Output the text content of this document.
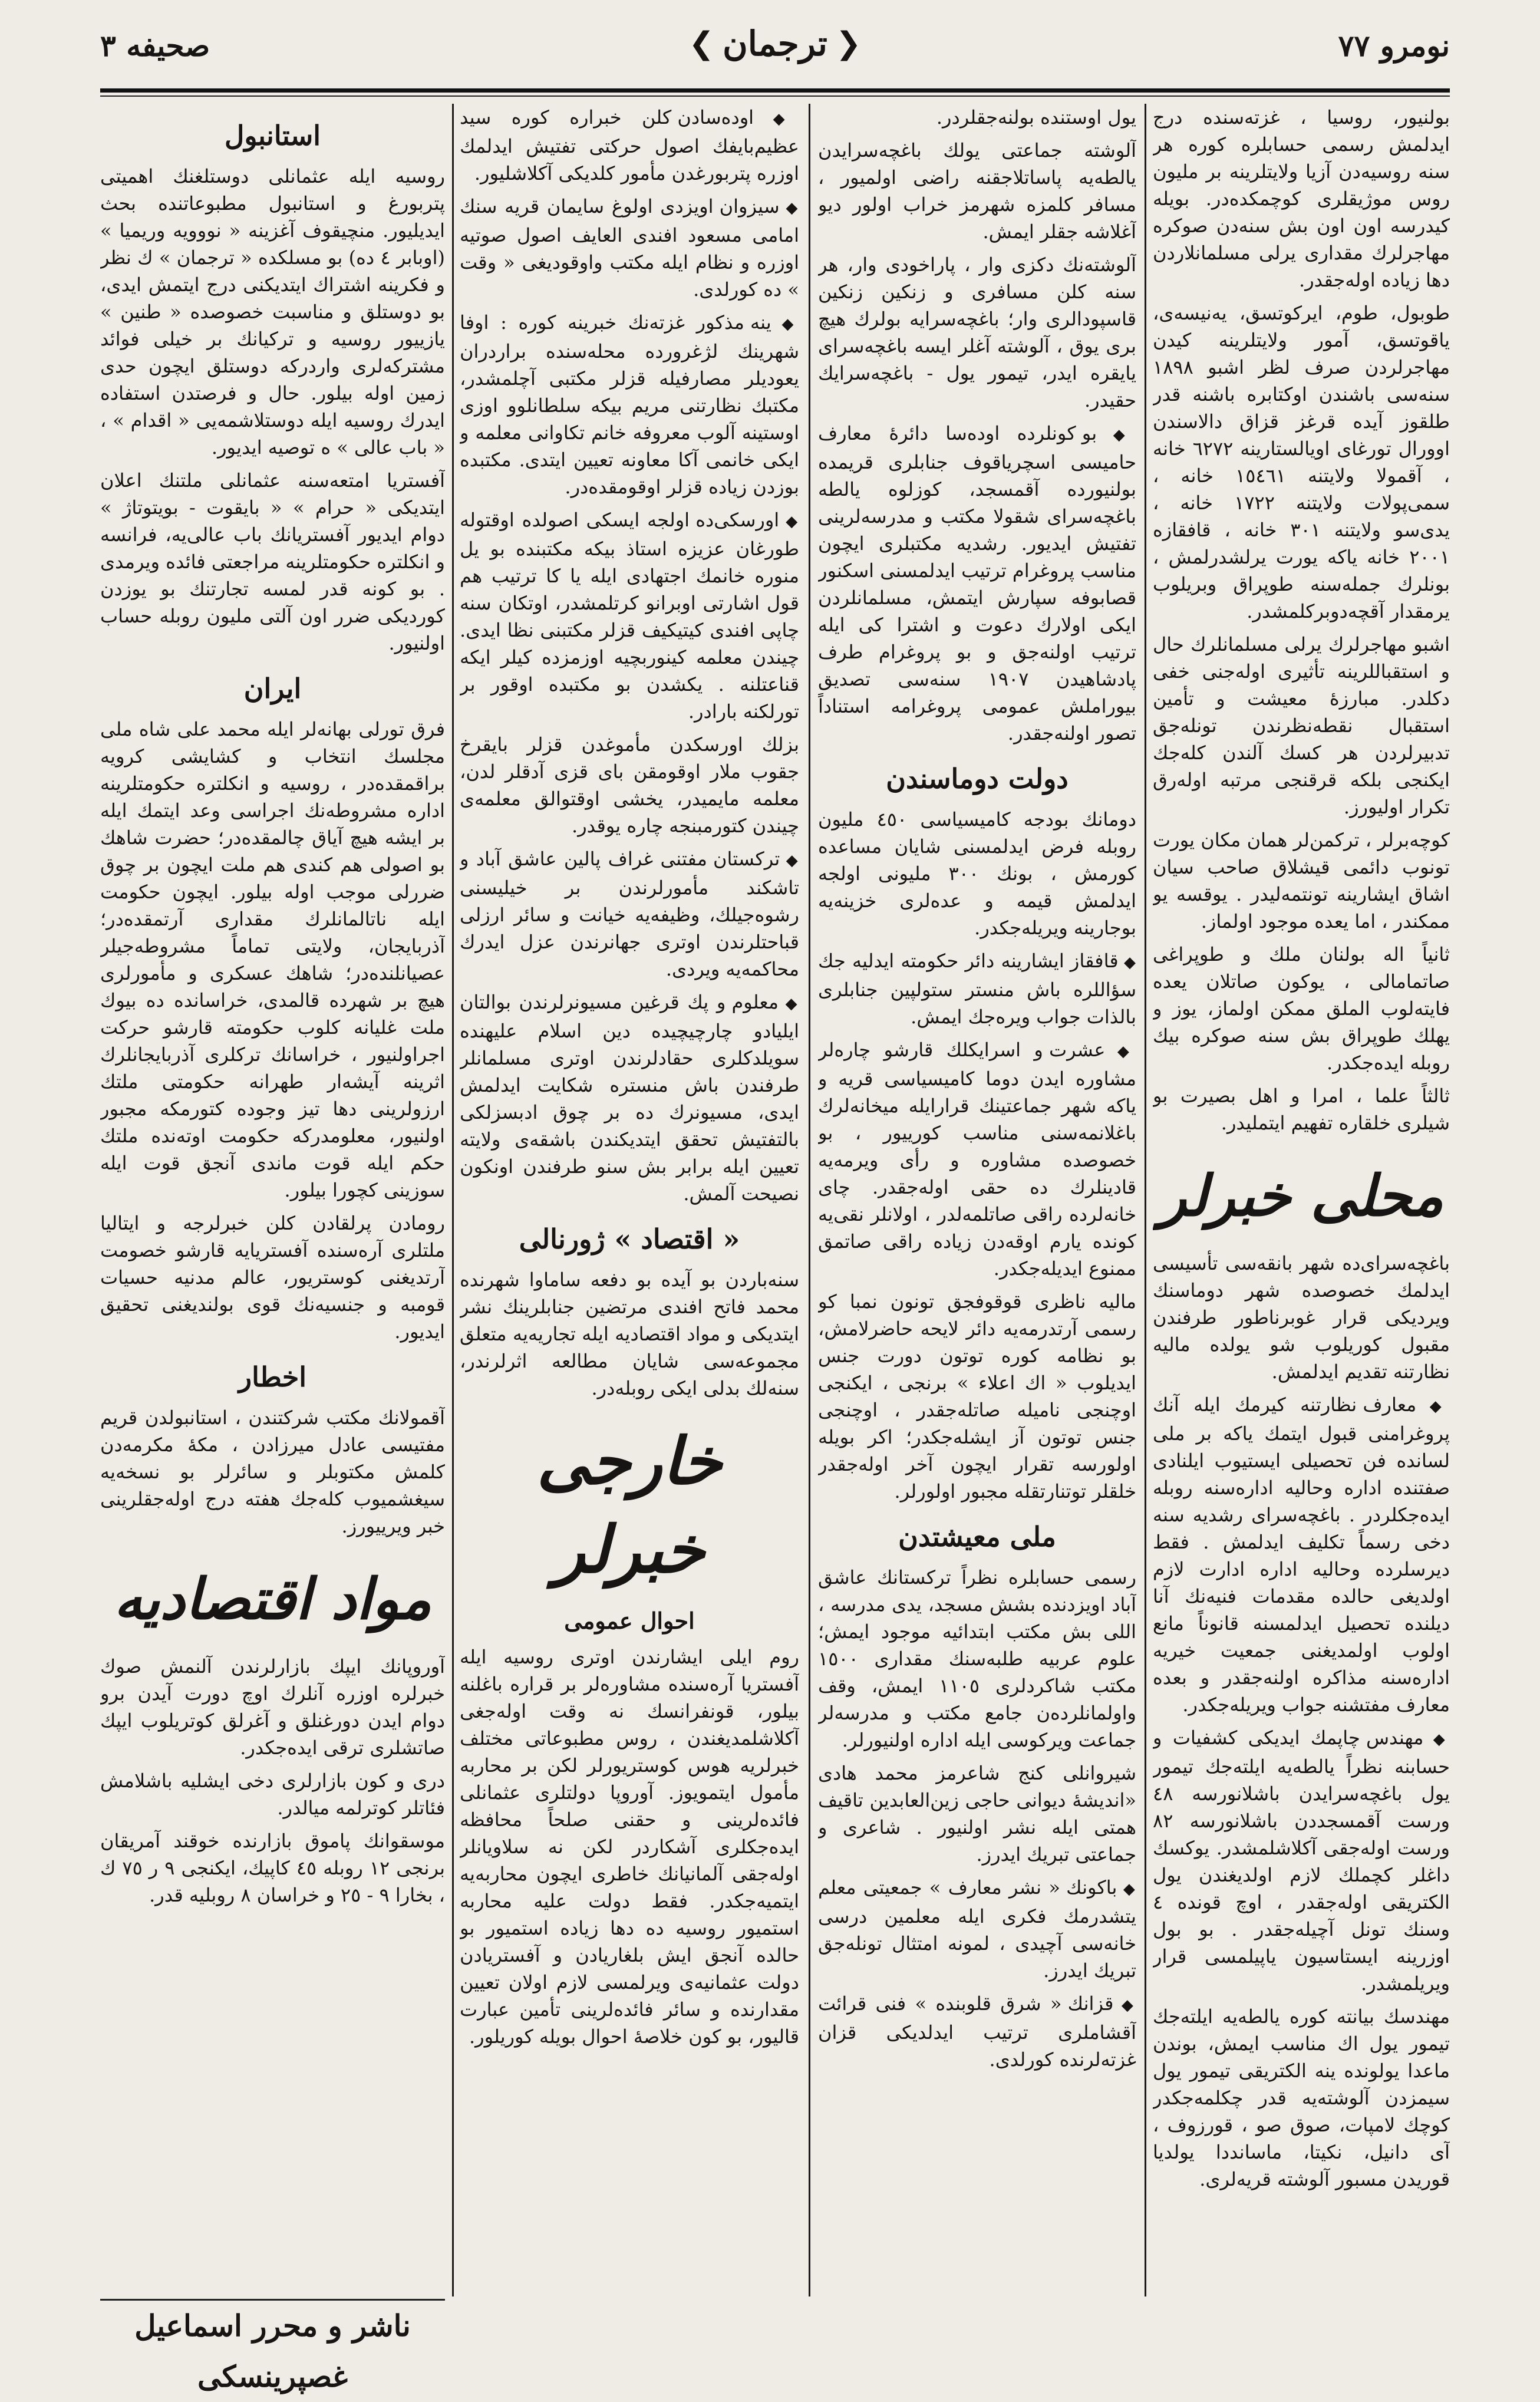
نومرو ٧٧
❮
ترجمان
❯
صحيفه ٣

بولنيور، روسيا ، غزته‌سنده درج ايدلمش رسمی حسابلره كوره هر سنه روسيه‌دن آزيا ولايتلرينه بر مليون روس موژيقلری كوچمكده‌در. بويله كيدرسه اون اون بش سنه‌دن صوكره مهاجرلرك مقداری يرلی مسلمانلاردن دها زياده اوله‌جقدر.

طوبول، طوم، ايركوتسق، يه‌نيسه‌ی، ياقوتسق، آمور ولايتلرينه كيدن مهاجرلردن صرف لظر اشبو ١٨٩٨ سنه‌سی باشندن اوكتابره باشنه قدر طلقوز آيده قرغز قزاق دالاسندن اوورال تورغای اويالستارينه ٦٢٧٢ خانه ، آقمولا ولايتنه ١٥٤٦١ خانه ، سمی‌پولات ولايتنه ١٧٢٢ خانه ، يدی‌سو ولايتنه ٣٠١ خانه ، قافقازه ٢٠٠١ خانه ياكه يورت يرلشدرلمش ، بونلرك جمله‌سنه طوپراق وبريلوب يرمقدار آقچه‌دوبركلمشدر.

اشبو مهاجرلرك يرلی مسلمانلرك حال و استقباللرينه تأثيری اوله‌جنی خفی دكلدر. مبارزۀ معيشت و تأمين استقبال نقطه‌نظرندن تونله‌جق تدبيرلردن هر كسك آلندن كله‌جك ايكنجی بلكه قرقنجی مرتبه اوله‌رق تكرار اوليورز.

كوچه‌برلر ، تركمن‌لر همان مكان يورت تونوب دائمی قيشلاق صاحب سيان اشاق ايشارينه تونتمه‌ليدر . يوقسه يو ممكندر ، اما يعده موجود اولماز.

ثانياً اله بولنان ملك و طوپراغی صاتمامالی ، يوكون صاتلان يعده فايته‌لوب الملق ممكن اولماز، يوز و يهلك طوپراق بش سنه صوكره بيك روبله ايده‌جكدر.

ثالثاً علما ، امرا و اهل بصيرت بو شيلری خلقاره تفهيم ايتمليدر.

محلی خبرلر

باغچه‌سرای‌ده شهر بانقه‌سی تأسيسی ايدلمك خصوصده شهر دوماسنك ويرديكی قرار غوبرناطور طرفندن مقبول كوريلوب شو يولده ماليه نظارتنه تقديم ايدلمش.

◆ معارف نظارتنه كيرمك ايله آنك پروغرامنی قبول ايتمك ياكه بر ملی لسانده فن تحصيلی ايستيوب ايلنادی صفتنده اداره وحاليه اداره‌سنه روبله ايده‌جكلردر . باغچه‌سرای رشديه سنه دخی رسماً تكليف ايدلمش . فقط ديرسلرده وحاليه اداره ادارت لازم اولديغی حالده مقدمات فنيه‌نك آنا ديلنده تحصيل ايدلمسنه قانوناً مانع اولوب اولمديغنی جمعيت خيريه اداره‌سنه مذاكره اولنه‌جقدر و بعده معارف مفتشنه جواب ويريله‌جكدر.

◆ مهندس چاپمك ايديكی كشفيات و حسابنه نظراً يالطه‌يه ايلته‌جك تيمور يول باغچه‌سرايدن باشلانورسه ٤٨ ورست آقمسجددن باشلانورسه ٨٢ ورست اوله‌جقی آكلاشلمشدر. يوكسك داغلر كچملك لازم اولديغندن يول الكتريقی اوله‌جقدر ، اوچ قونده ٤ وسنك تونل آچيله‌جقدر . بو بول اوزرينه ايستاسيون ياپيلمسی قرار ويريلمشدر.

مهندسك بيانته كوره يالطه‌يه ايلته‌جك تيمور يول اك مناسب ايمش، بوندن ماعدا يولونده ينه الكتريقی تيمور يول سيمزدن آلوشته‌يه قدر چكلمه‌جكدر كوچك لامپات، صوق صو ، قورزوف ، آی دانيل، نكيتا، ماسانددا يولديا قوريدن مسبور آلوشته قريه‌لری.

يول اوستنده بولنه‌جقلردر.

آلوشته جماعتی يولك باغچه‌سرايدن يالطه‌يه پاساتلاجقنه راضی اولميور ، مسافر كلمزه شهرمز خراب اولور ديو آغلاشه جقلر ايمش.

آلوشته‌نك دكزی وار ، پاراخودی وار، هر سنه كلن مسافری و زنكين زنكين قاسپودالری وار؛ باغچه‌سرايه بولرك هيچ بری يوق ، آلوشته آغلر ايسه باغچه‌سرای يايقره ايدر، تيمور يول - باغچه‌سرايك حقيدر.

◆ بو كونلرده اوده‌سا دائرۀ معارف حاميسی اسچرياقوف جنابلری قريمده بولنيورده آقمسجد، كوزلوه يالطه باغچه‌سرای شقولا مكتب و مدرسه‌لرينی تفتيش ايديور. رشديه مكتبلری ايچون مناسب پروغرام ترتيب ايدلمسنی اسكنور قصابوفه سپارش ايتمش، مسلمانلردن ايكی اولارك دعوت و اشترا كی ايله ترتيب اولنه‌جق و بو پروغرام طرف پادشاهيدن ١٩٠٧ سنه‌سی تصديق بيوراملش عمومی پروغرامه استناداً تصور اولنه‌جقدر.

دولت دوماسندن

دومانك بودجه كاميسياسی ٤٥٠ مليون روبله فرض ايدلمسنی شايان مساعده كورمش ، بونك ٣٠٠ مليونی اولجه ايدلمش قيمه و عده‌لری خزينه‌يه بوجارينه ويريله‌جكدر.

◆ قافقاز ايشارينه دائر حكومته ايدليه جك سؤاللره باش منستر ستولپين جنابلری بالذات جواب ويره‌جك ايمش.

◆ عشرت و اسرايكلك قارشو چاره‌لر مشاوره ايدن دوما كاميسياسی قريه و ياكه شهر جماعتينك قرارايله ميخانه‌لرك باغلانمه‌سنی مناسب كورييور ، بو خصوصده مشاوره و رأی ويرمه‌يه قادينلرك ده حقی اوله‌جقدر. چای خانه‌لرده راقی صاتلمه‌لدر ، اولانلر نقی‌يه كونده يارم اوقه‌دن زياده راقی صاتمق ممنوع ايديله‌جكدر.

ماليه ناظری قوقوفجق تونون نمبا كو رسمی آرتدرمه‌يه دائر لايحه حاضرلامش، بو نظامه كوره توتون دورت جنس ايديلوب « اك اعلاء » برنجی ، ايكنجی اوچنجی ناميله صاتله‌جقدر ، اوچنجی جنس توتون آز ايشله‌جكدر؛ اكر بويله اولورسه تقرار ايچون آخر اوله‌جقدر خلقلر توتنارتقله مجبور اولورلر.

ملی معيشتدن

رسمی حسابلره نظراً تركستانك عاشق آباد اويزدنده بشش مسجد، يدی مدرسه ، اللی بش مكتب ابتدائيه موجود ايمش؛ علوم عربيه طلبه‌سنك مقداری ١٥٠٠ مكتب شاكردلری ١١٠٥ ايمش، وقف واولمانلرده‌ن جامع مكتب و مدرسه‌لر جماعت ويركوسی ايله اداره اولنيورلر.

شيروانلی كنج شاعرمز محمد هادی «انديشۀ ديوانی حاجی زين‌العابدين تاقيف همتی ايله نشر اولنيور . شاعری و جماعتی تبريك ايدرز.

◆ باكونك « نشر معارف » جمعيتی معلم يتشدرمك فكری ايله معلمين درسی خانه‌سی آچيدی ، لمونه امتثال تونله‌جق تبريك ايدرز.

◆ قزانك « شرق قلوبنده » فنی قرائت آقشاملری ترتيب ايدلديكی قزان غزته‌لرنده كورلدی.

◆ اوده‌سادن كلن خبراره كوره سيد عظيم‌بايفك اصول حركتی تفتيش ايدلمك اوزره پتربورغدن مأمور كلديكی آكلاشليور.

◆ سيزوان اويزدی اولوغ سايمان قريه سنك امامی مسعود افندی العايف اصول صوتيه اوزره و نظام ايله مكتب واوقوديغی « وقت » ده كورلدی.

◆ ينه مذكور غزته‌نك خبرينه كوره : اوفا شهرينك لژغرورده محله‌سنده براردران يعوديلر مصارفيله قزلر مكتبی آچلمشدر، مكتبك نظارتنی مريم بيكه سلطانلوو اوزی اوستينه آلوب معروفه خانم تكاوانی معلمه و ايكی خانمی آكا معاونه تعيين ايتدی. مكتبده بوزدن زياده قزلر اوقومقده‌در.

◆ اورسكی‌ده اولجه ايسكی اصولده اوقتوله طورغان عزيزه استاذ بيكه مكتبنده‌ بو يل منوره خانمك اجتهادی ايله يا كا ترتيب هم قول اشارتی اوبرانو كرتلمشدر، اوتكان سنه چاپی افندی كيتيكيف قزلر مكتبنی نظا ايدی. چيندن معلمه كينوربچيه اوزمزده كيلر ايكه قناعتلنه . يكشدن بو مكتبده اوقور بر تورلكنه بارادر.

بزلك اورسكدن مأموغدن قزلر بايقرخ جقوب ملار اوقومقن بای قزی آدقلر لدن، معلمه مايميدر، يخشی اوقتوالق معلمه‌ی چيندن كتورمبنجه چاره يوقدر.

◆ تركستان مفتنی غراف پالين عاشق آباد و تاشكند مأمورلرندن بر خيليسنی رشوه‌جيلك، وظيفه‌يه خيانت و سائر ارزلی قباحتلرندن اوتری جهانرندن عزل ايدرك محاكمه‌يه ويردی.

◆ معلوم و پك قرغين مسيونرلرندن بوالتان ايليادو چارچيچيده دين اسلام عليهنده سويلدكلری حقادلرندن اوتری مسلمانلر طرفندن باش منستره شكايت ايدلمش ايدی، مسيونرك ده بر چوق ادبسزلكی بالتفتيش تحقق ايتديكندن باشقه‌ی ولايته تعيين ايله برابر بش سنو طرفندن اونكون نصيحت آلمش.

« اقتصاد » ژورنالی

سنه‌باردن بو آيده بو دفعه ساماوا شهرنده محمد فاتح افندی مرتضين جنابلرينك نشر ايتديكی و مواد اقتصاديه ايله تجاريه‌يه متعلق مجموعه‌سی شايان مطالعه اثرلرندر، سنه‌لك بدلی ايكی روبله‌در.

خارجی خبرلر
احوال عمومی

روم ايلی ايشارندن اوتری روسيه ايله آفستريا آره‌سنده مشاوره‌لر بر قراره باغلنه بيلور، قونفرانسك نه وقت اوله‌جغی آكلاشلمديغندن ، روس مطبوعاتی مختلف خبرلريه هوس كوستريورلر لكن بر محاربه مأمول ايتمويوز. آوروپا دولتلری عثمانلی فائده‌لرينی و حقنی صلحاً محافظه ايده‌جكلری آشكاردر لكن نه سلاويانلر اوله‌جقی آلمانيانك خاطری ايچون محاربه‌يه ايتميه‌جكدر. فقط دولت عليه محاربه استميور روسيه ده دها زياده استميور بو حالده آنجق ايش بلغاريادن و آفستريادن دولت عثمانيه‌ی ويرلمسی لازم اولان تعيين مقدارنده و سائر فائده‌لرينی تأمين عبارت قاليور، بو كون خلاصۀ احوال بويله كوريلور.

استانبول

روسيه ايله عثمانلی دوستلغنك اهميتی پتربورغ و استانبول مطبوعاتنده بحث ايديليور. منچيقوف آغزينه « نووويه وريميا » (اوبابر ٤ ده) بو مسلكده « ترجمان » ك نظر و فكرينه اشتراك ايتديكنی درج ايتمش ايدی، بو دوستلق و مناسبت خصوصده « طنين » يازييور روسيه و تركيانك بر خيلی فوائد مشتركه‌لری واردركه دوستلق ايچون حدی زمين اوله بيلور. حال و فرصتدن استفاده ايدرك روسيه ايله دوستلاشمه‌يی « اقدام » ، « باب عالی » ه توصيه ايديور.

آفستريا امتعه‌سنه عثمانلی ملتنك اعلان ايتديكی « حرام » « بايقوت - بويتوتاژ » دوام ايديور آفستريانك باب عالی‌يه، فرانسه و انكلتره حكومتلرينه مراجعتی فائده ويرمدی . بو كونه قدر لمسه تجارتنك بو يوزدن كورديكی ضرر اون آلتی مليون روبله حساب اولنيور.

ايران

فرق تورلی بهانه‌لر ايله محمد علی شاه ملی مجلسك انتخاب و كشايشی كرويه براقمقده‌در ، روسيه و انكلتره حكومتلرينه اداره مشروطه‌نك اجراسی وعد ايتمك ايله بر ايشه هيچ آياق چالمقده‌در؛ حضرت شاهك بو اصولی هم كندی هم ملت ايچون بر چوق ضررلی موجب اوله بيلور. ايچون حكومت ايله ناتالمانلرك مقداری آرتمقده‌در؛ آذربايجان، ولايتی تماماً مشروطه‌جيلر عصيانلنده‌در؛ شاهك عسكری و مأمورلری هيچ بر شهرده قالمدی، خراسانده ده بيوك ملت غليانه كلوب حكومته قارشو حركت اجراولنيور ، خراسانك تركلری آذربايجانلرك اثرينه آيشه‌ار طهرانه حكومتی ملتك ارزولرينی دها تيز وجوده كتورمكه مجبور اولنيور، معلومدركه حكومت اوته‌نده ملتك حكم ايله قوت ماندی آنجق قوت ايله سوزينی كچورا بيلور.

رومادن پرلقادن كلن خبرلرجه و ايتاليا ملتلری آره‌سنده آفستريايه قارشو خصومت آرتديغنی كوستريور، عالم مدنيه حسيات قومبه و جنسيه‌نك قوی بولنديغنی تحقيق ايديور.

اخطار

آقمولانك مكتب شركتندن ، استانبولدن قريم مفتيسی عادل ميرزادن ، مكۀ مكرمه‌دن كلمش مكتوبلر و سائرلر بو نسخه‌يه سيغشميوب كله‌جك هفته درج اوله‌جقلرينی خبر ويرييورز.

مواد اقتصاديه

آوروپانك ايپك بازارلرندن آلنمش صوك خبرلره اوزره آنلرك اوچ دورت آيدن برو دوام ايدن دورغنلق و آغرلق كوتريلوب ايپك صاتشلری ترقی ايده‌جكدر.

دری و كون بازارلری دخی ايشليه باشلامش فئاتلر كوترلمه ميالدر.

موسقوانك پاموق بازارنده خوقند آمريقان برنجی ١٢ روبله ٤٥ كاپيك، ايكنجی ٩ ر ٧٥ ك ، بخارا ٩ - ٢٥ و خراسان ٨ روبليه قدر.

ناشر و محرر اسماعيل غصپرينسكی
